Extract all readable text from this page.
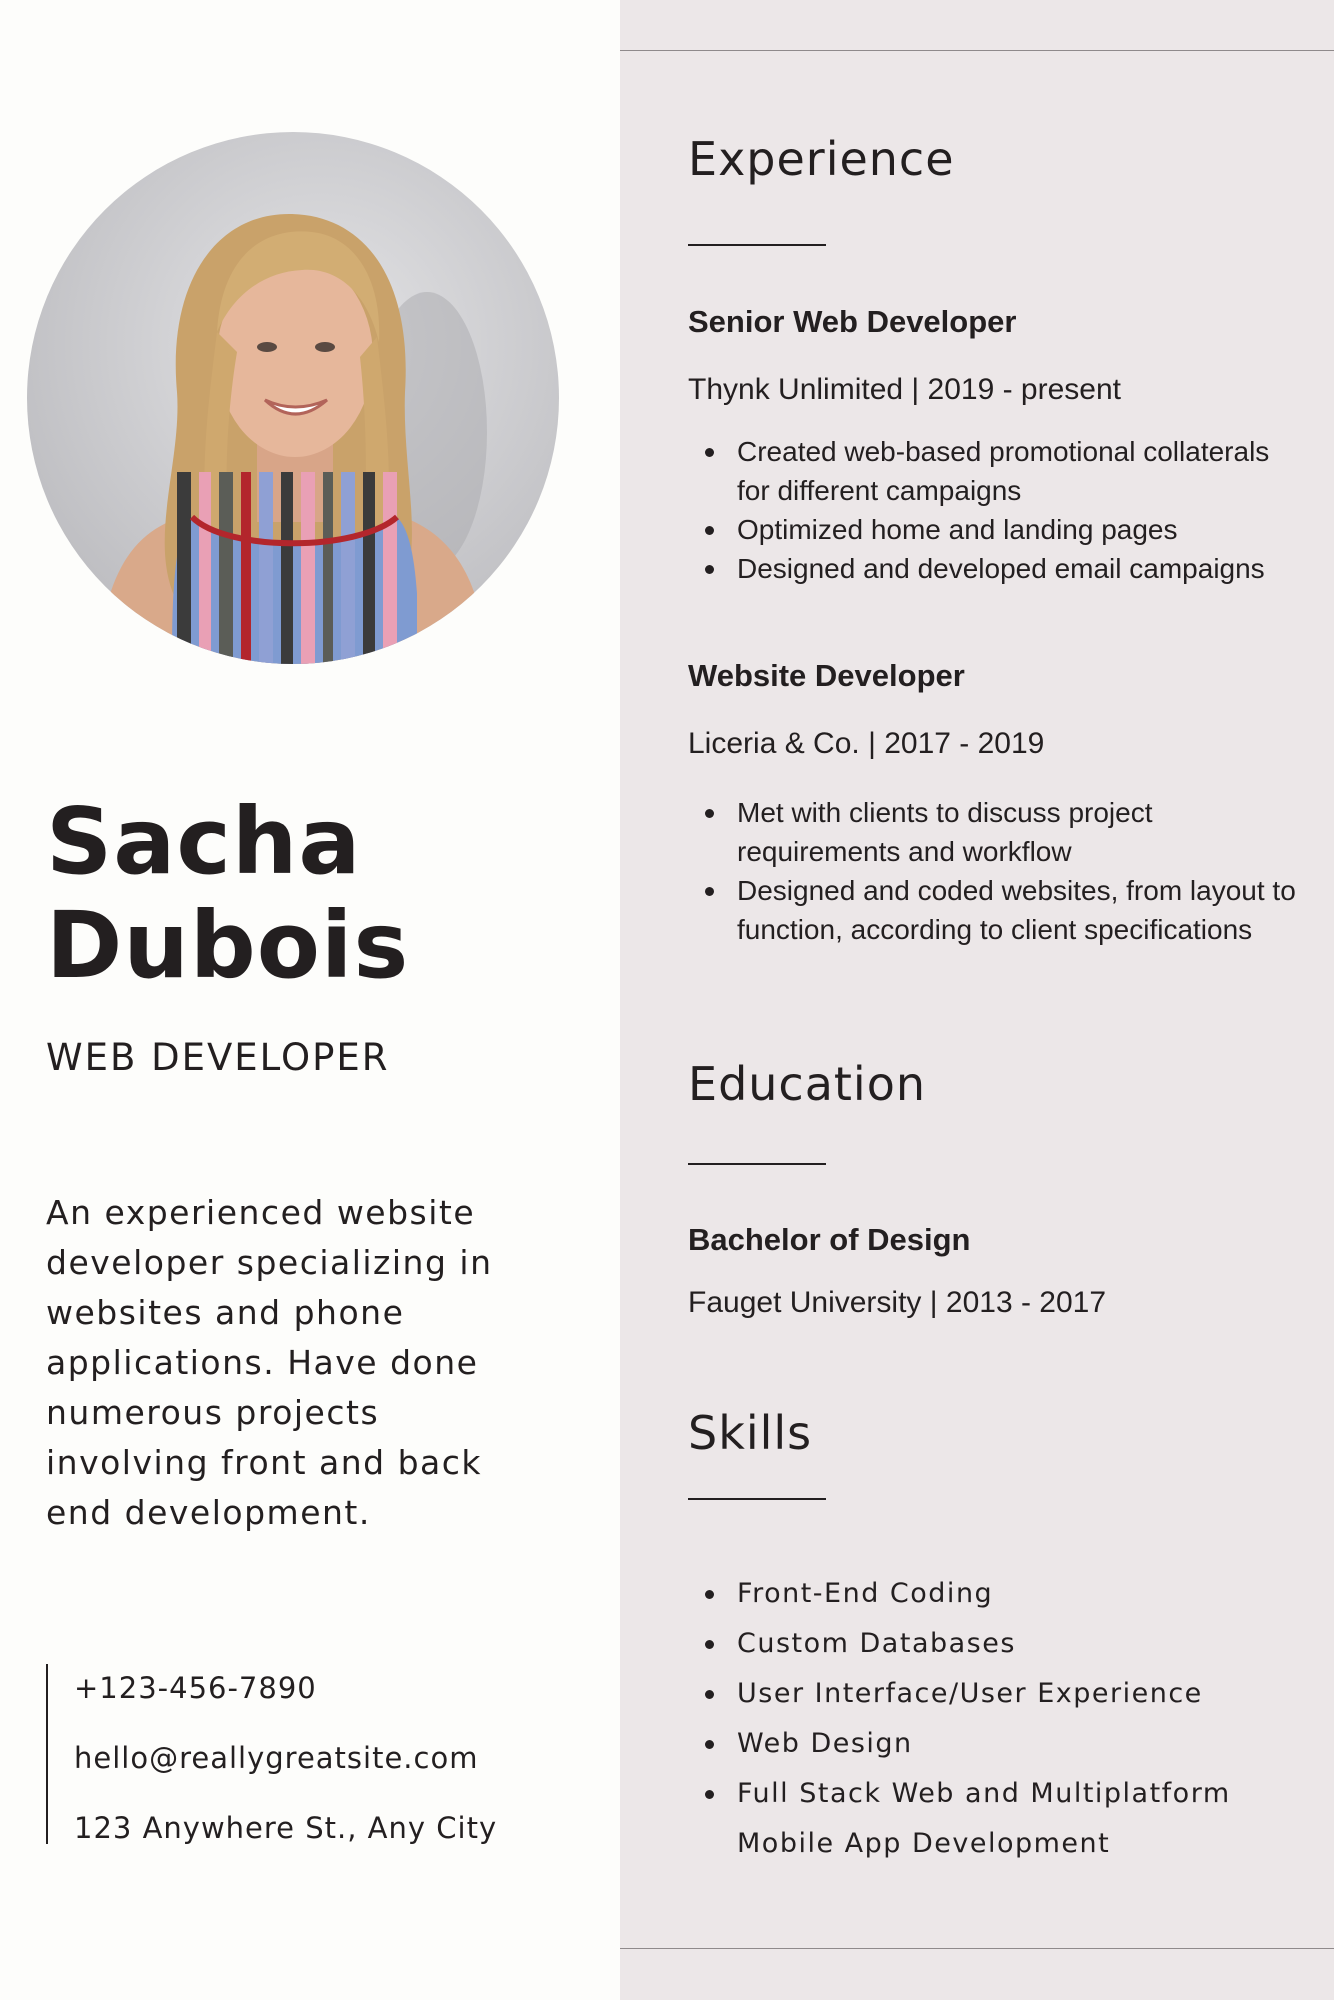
Sacha
Dubois
WEB DEVELOPER
An experienced website developer specializing in websites and phone applications. Have done numerous projects involving front and back end development.
+123-456-7890
hello@reallygreatsite.com
123 Anywhere St., Any City
Experience
Senior Web Developer
Thynk Unlimited | 2019 - present
Created web-based promotional collaterals for different campaigns
Optimized home and landing pages
Designed and developed email campaigns
Website Developer
Liceria & Co. | 2017 - 2019
Met with clients to discuss project requirements and workflow
Designed and coded websites, from layout to function, according to client specifications
Education
Bachelor of Design
Fauget University | 2013 - 2017
Skills
Front-End Coding
Custom Databases
User Interface/User Experience
Web Design
Full Stack Web and Multiplatform Mobile App Development
